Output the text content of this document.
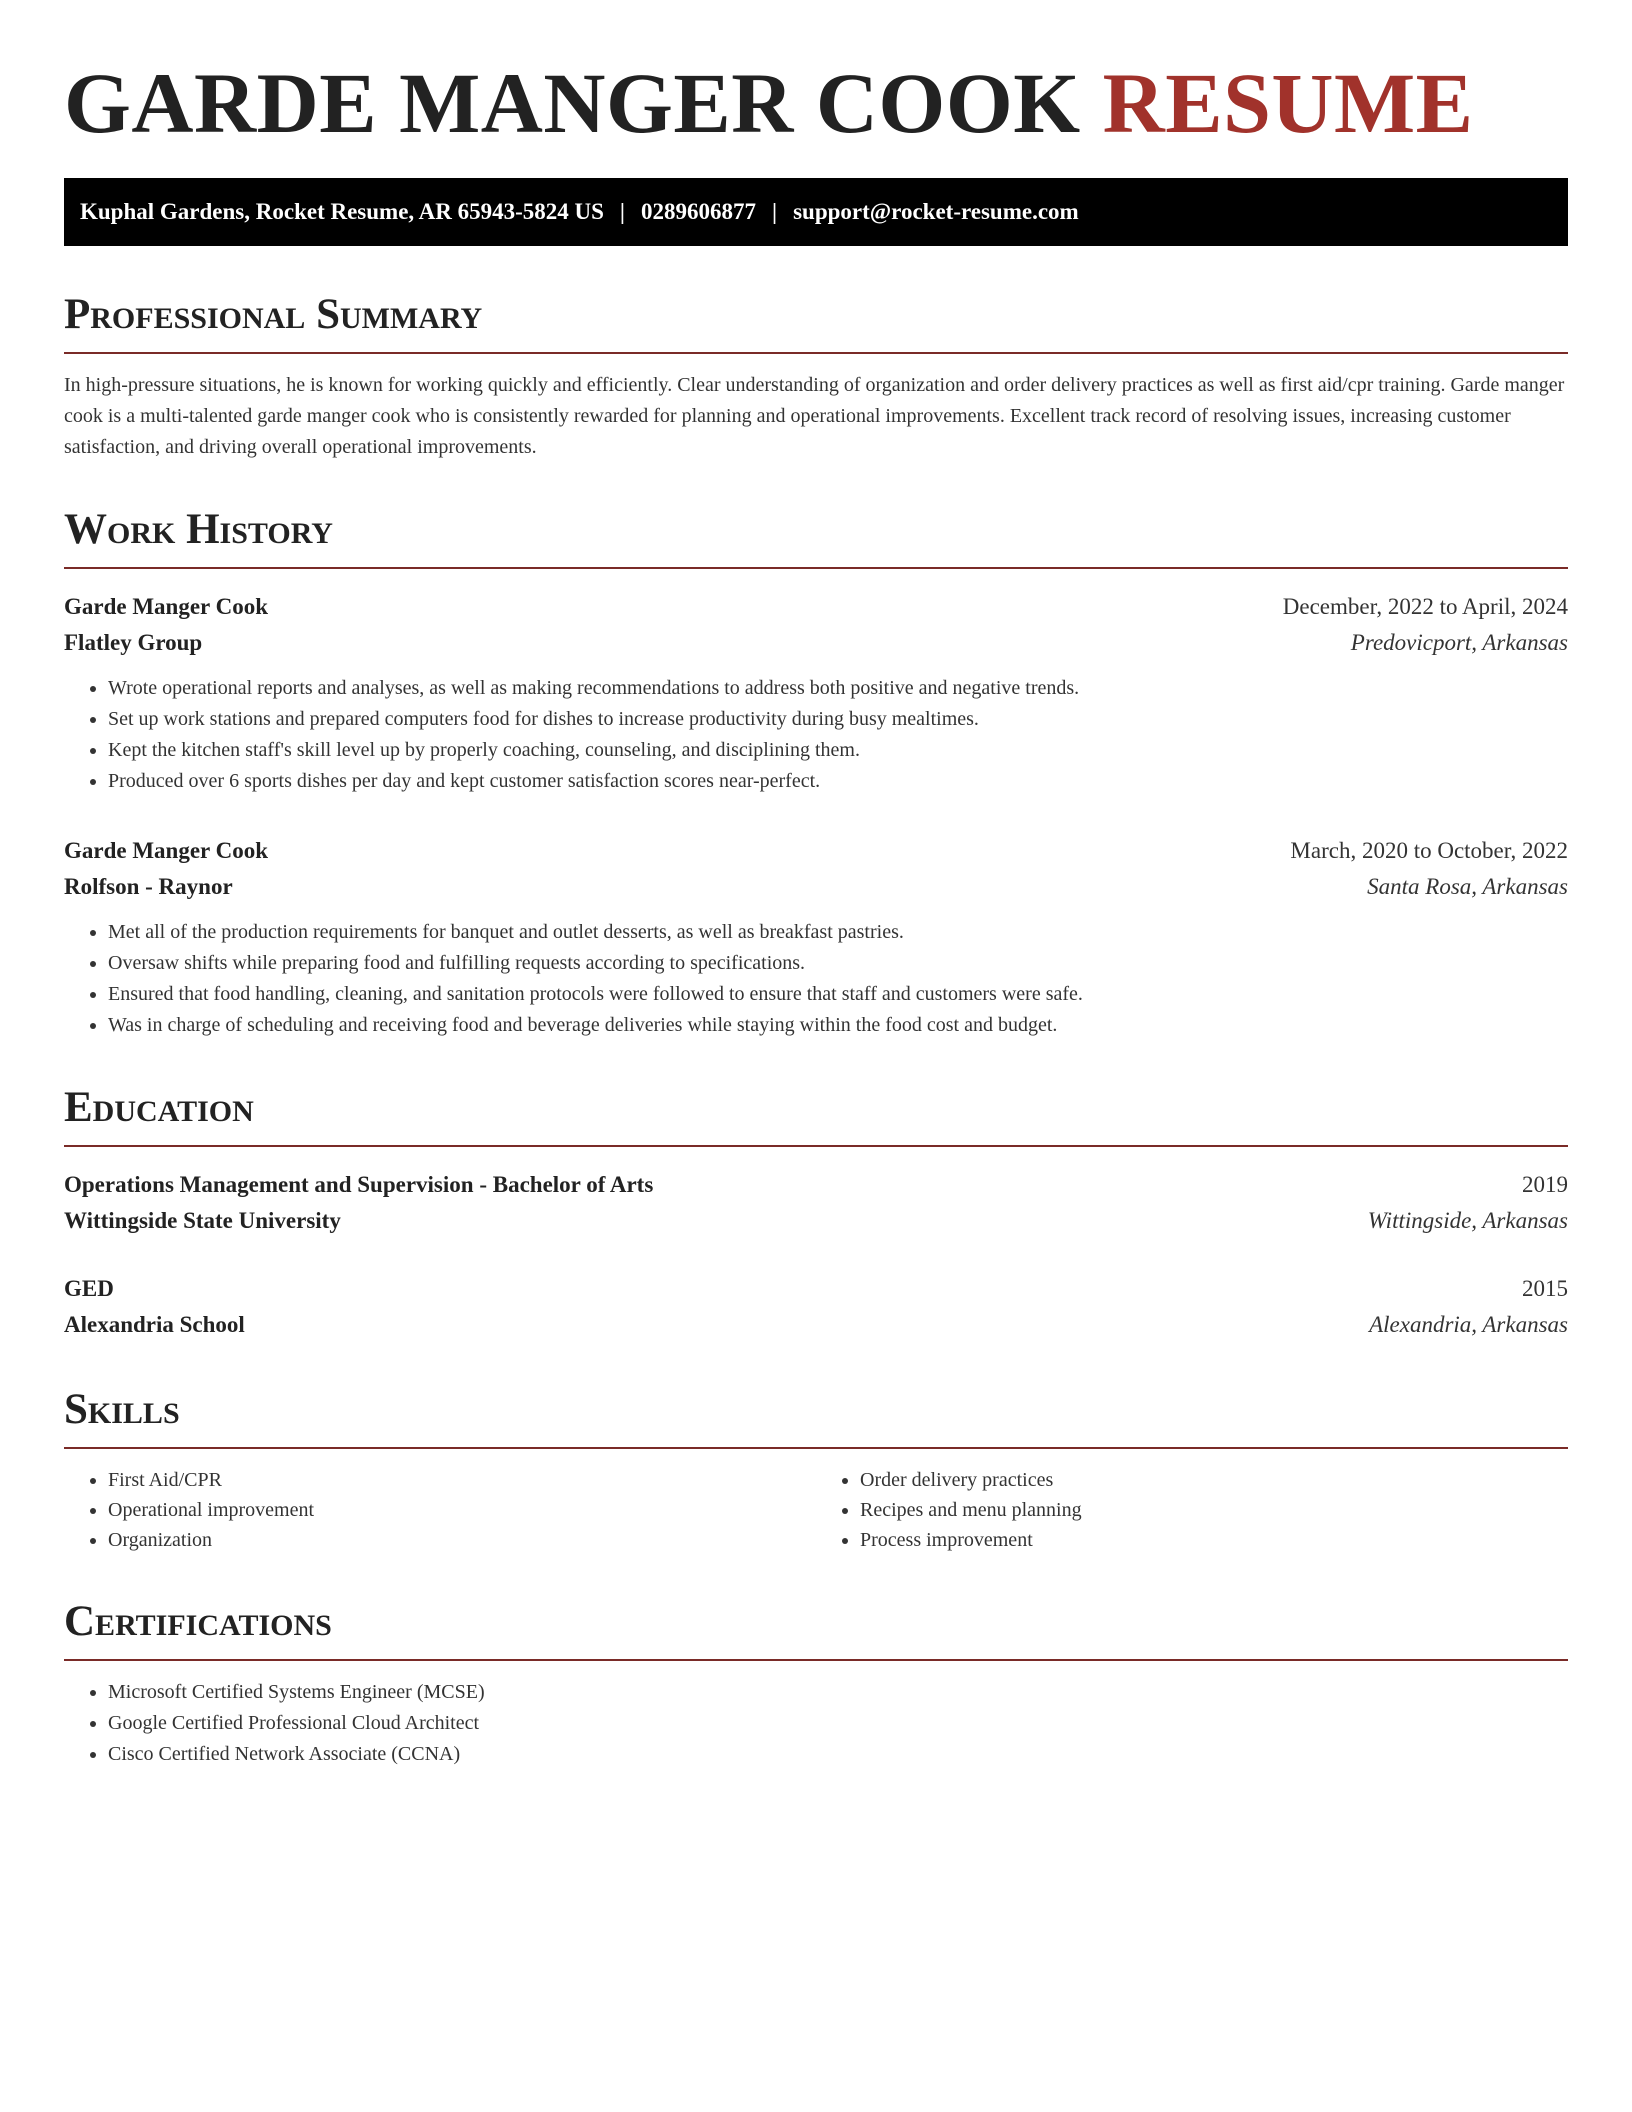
GARDE MANGER COOK RESUME
Kuphal Gardens, Rocket Resume, AR 65943-5824 US | 0289606877 | support@rocket-resume.com
Professional Summary

In high-pressure situations, he is known for working quickly and efficiently. Clear understanding of organization and order delivery practices as well as first aid/cpr training. Garde manger cook is a multi-talented garde manger cook who is consistently rewarded for planning and operational improvements. Excellent track record of resolving issues, increasing customer satisfaction, and driving overall operational improvements.

Work History
Garde Manger Cook	December, 2022 to April, 2024
Flatley Group	Predovicport, Arkansas
• Wrote operational reports and analyses, as well as making recommendations to address both positive and negative trends.
• Set up work stations and prepared computers food for dishes to increase productivity during busy mealtimes.
• Kept the kitchen staff's skill level up by properly coaching, counseling, and disciplining them.
• Produced over 6 sports dishes per day and kept customer satisfaction scores near-perfect.
Garde Manger Cook	March, 2020 to October, 2022
Rolfson - Raynor	Santa Rosa, Arkansas
• Met all of the production requirements for banquet and outlet desserts, as well as breakfast pastries.
• Oversaw shifts while preparing food and fulfilling requests according to specifications.
• Ensured that food handling, cleaning, and sanitation protocols were followed to ensure that staff and customers were safe.
• Was in charge of scheduling and receiving food and beverage deliveries while staying within the food cost and budget.
Education
Operations Management and Supervision - Bachelor of Arts	2019
Wittingside State University	Wittingside, Arkansas
GED	2015
Alexandria School	Alexandria, Arkansas
Skills
• First Aid/CPR
• Operational improvement
• Organization
• Order delivery practices
• Recipes and menu planning
• Process improvement
Certifications
• Microsoft Certified Systems Engineer (MCSE)
• Google Certified Professional Cloud Architect
• Cisco Certified Network Associate (CCNA)
